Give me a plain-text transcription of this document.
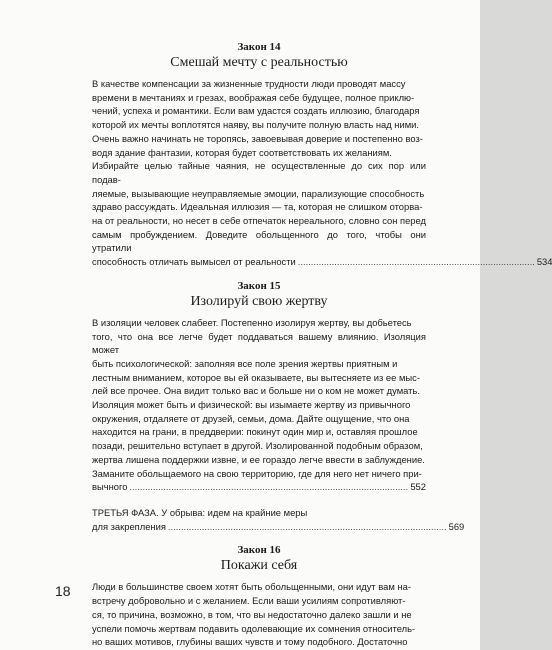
Закон 14
Смешай мечту с реальностью
В качестве компенсации за жизненные трудности люди проводят массу
времени в мечтаниях и грезах, воображая себе будущее, полное приклю-
чений, успеха и романтики. Если вам удастся создать иллюзию, благодаря
которой их мечты воплотятся наяву, вы получите полную власть над ними.
Очень важно начинать не торопясь, завоевывая доверие и постепенно воз-
водя здание фантазии, которая будет соответствовать их желаниям.
Избирайте целью тайные чаяния, не осуществленные до сих пор или подав-
ляемые, вызывающие неуправляемые эмоции, парализующие способность
здраво рассуждать. Идеальная иллюзия — та, которая не слишком оторва-
на от реальности, но несет в себе отпечаток нереального, словно сон перед
самым пробуждением. Доведите обольщенного до того, чтобы они утратили
способность отличать вымысел от реальности ........................................................................................... 534
Закон 15
Изолируй свою жертву
В изоляции человек слабеет. Постепенно изолируя жертву, вы добьетесь
того, что она все легче будет поддаваться вашему влиянию. Изоляция может
быть психологической: заполняя все поле зрения жертвы приятным и
лестным вниманием, которое вы ей оказываете, вы вытесняете из ее мыс-
лей все прочее. Она видит только вас и больше ни о ком не может думать.
Изоляция может быть и физической: вы изымаете жертву из привычного
окружения, отдаляете от друзей, семьи, дома. Дайте ощущение, что она
находится на грани, в преддверии: покинут один мир и, оставляя прошлое
позади, решительно вступает в другой. Изолированной подобным образом,
жертва лишена поддержки извне, и ее гораздо легче ввести в заблуждение.
Заманите обольщаемого на свою территорию, где для него нет ничего при-
вычного ........................................................................................................... 552
ТРЕТЬЯ ФАЗА. У обрыва: идем на крайние меры
для закрепления ........................................................................................................... 569
Закон 16
Покажи себя
Люди в большинстве своем хотят быть обольщенными, они идут вам на-
встречу добровольно и с желанием. Если ваши усилиям сопротивляют-
ся, то причина, возможно, в том, что вы недостаточно далеко зашли и не
успели помочь жертвам подавить одолевающие их сомнения относитель-
но ваших мотивов, глубины ваших чувств и тому подобного. Достаточно
18
